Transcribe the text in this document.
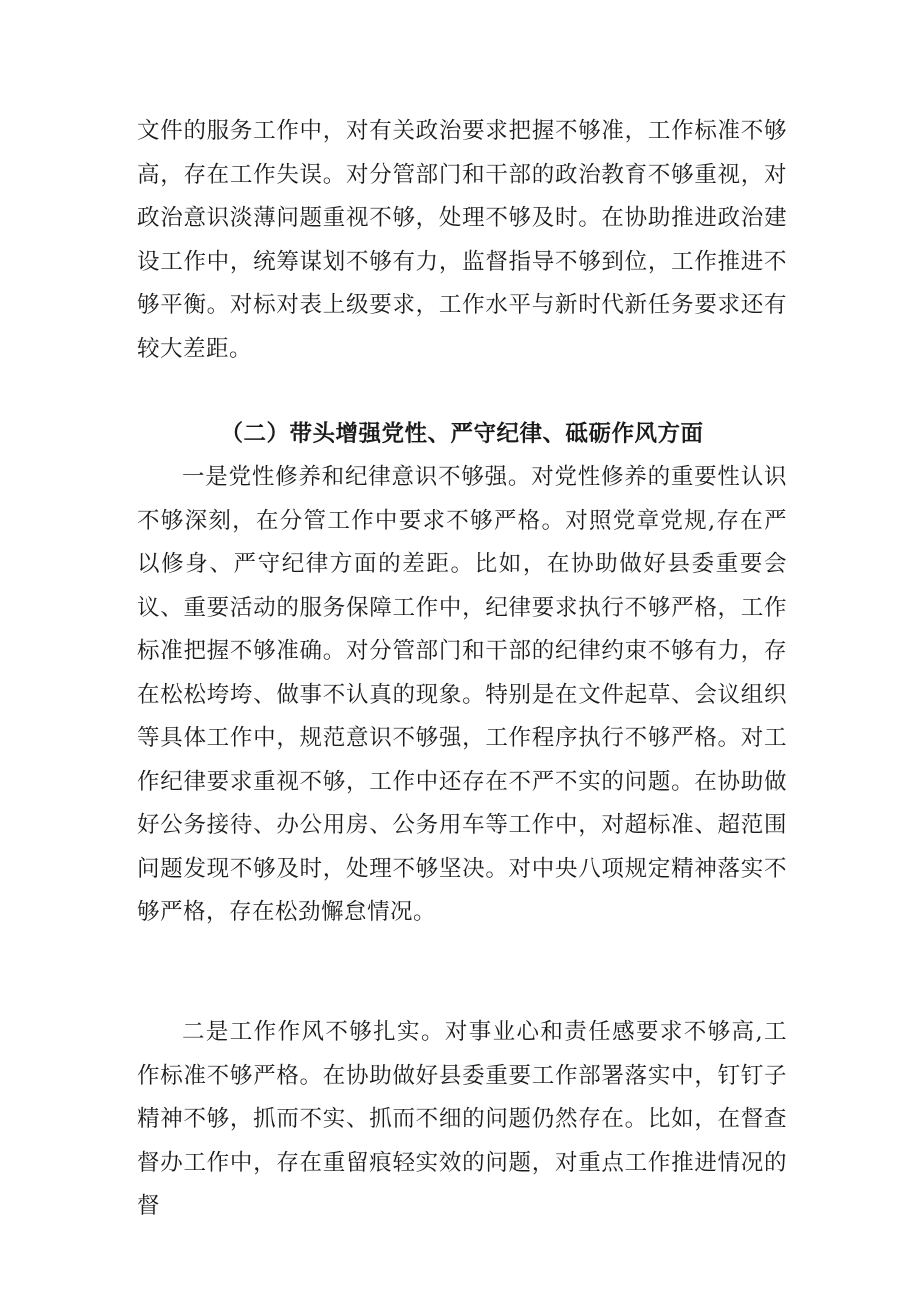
文件的服务工作中，对有关政治要求把握不够准，工作标准不够高，存在工作失误。对分管部门和干部的政治教育不够重视，对政治意识淡薄问题重视不够，处理不够及时。在协助推进政治建设工作中，统筹谋划不够有力，监督指导不够到位，工作推进不够平衡。对标对表上级要求，工作水平与新时代新任务要求还有较大差距。

（二）带头增强党性、严守纪律、砥砺作风方面

一是党性修养和纪律意识不够强。对党性修养的重要性认识不够深刻，在分管工作中要求不够严格。对照党章党规,存在严以修身、严守纪律方面的差距。比如，在协助做好县委重要会议、重要活动的服务保障工作中，纪律要求执行不够严格，工作标准把握不够准确。对分管部门和干部的纪律约束不够有力，存在松松垮垮、做事不认真的现象。特别是在文件起草、会议组织等具体工作中，规范意识不够强，工作程序执行不够严格。对工作纪律要求重视不够，工作中还存在不严不实的问题。在协助做好公务接待、办公用房、公务用车等工作中，对超标准、超范围问题发现不够及时，处理不够坚决。对中央八项规定精神落实不够严格，存在松劲懈怠情况。

二是工作作风不够扎实。对事业心和责任感要求不够高,工作标准不够严格。在协助做好县委重要工作部署落实中，钉钉子精神不够，抓而不实、抓而不细的问题仍然存在。比如，在督查督办工作中，存在重留痕轻实效的问题，对重点工作推进情况的督
